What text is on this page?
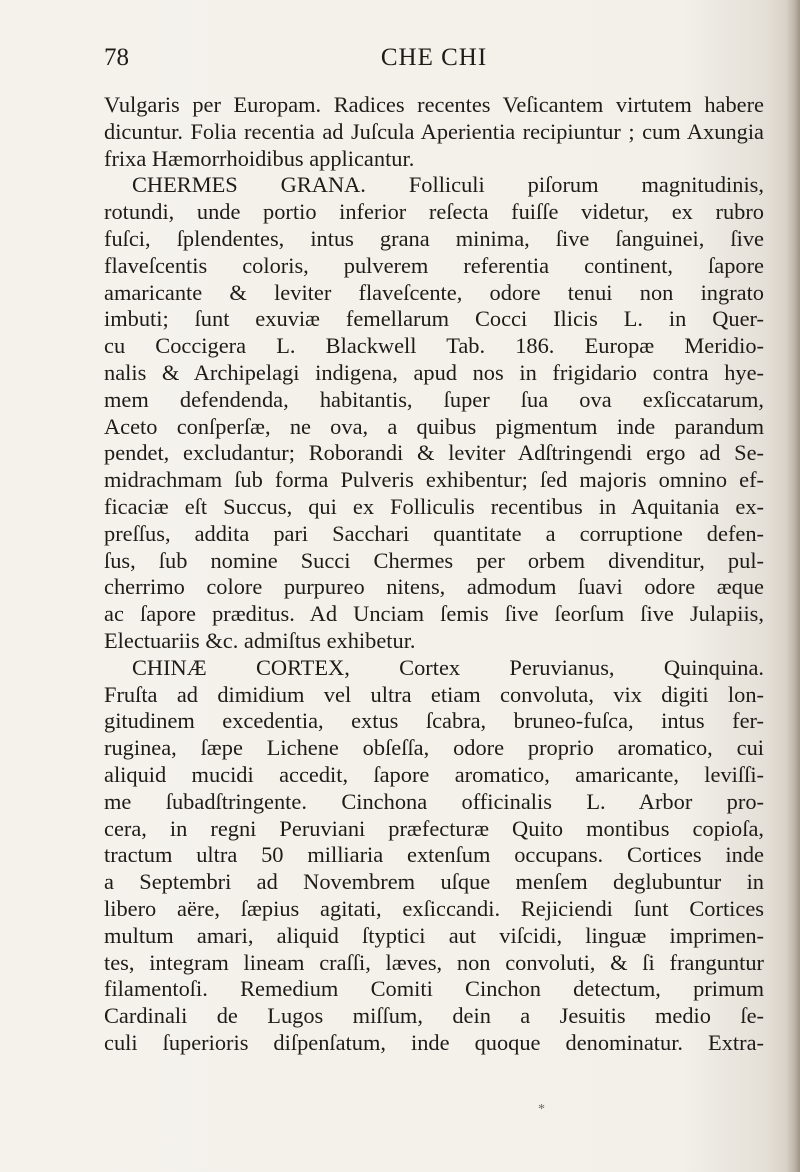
78	CHE CHI
Vulgaris per Europam. Radices recentes Veſicantem virtutem habere
dicuntur. Folia recentia ad Juſcula Aperientia recipiuntur ; cum Axungia
frixa Hæmorrhoidibus applicantur.
CHERMES GRANA. Folliculi piſorum magnitudinis,
rotundi, unde portio inferior reſecta fuiſſe videtur, ex rubro
fuſci, ſplendentes, intus grana minima, ſive ſanguinei, ſive
flaveſcentis coloris, pulverem referentia continent, ſapore
amaricante & leviter flaveſcente, odore tenui non ingrato
imbuti; ſunt exuviæ femellarum Cocci Ilicis L. in Quer-
cu Coccigera L. Blackwell Tab. 186. Europæ Meridio-
nalis & Archipelagi indigena, apud nos in frigidario contra hye-
mem defendenda, habitantis, ſuper ſua ova exſiccatarum,
Aceto conſperſæ, ne ova, a quibus pigmentum inde parandum
pendet, excludantur; Roborandi & leviter Adſtringendi ergo ad Se-
midrachmam ſub forma Pulveris exhibentur; ſed majoris omnino ef-
ficaciæ eſt Succus, qui ex Folliculis recentibus in Aquitania ex-
preſſus, addita pari Sacchari quantitate a corruptione defen-
ſus, ſub nomine Succi Chermes per orbem divenditur, pul-
cherrimo colore purpureo nitens, admodum ſuavi odore æque
ac ſapore præditus. Ad Unciam ſemis ſive ſeorſum ſive Julapiis,
Electuariis &c. admiſtus exhibetur.
CHINÆ CORTEX, Cortex Peruvianus, Quinquina.
Fruſta ad dimidium vel ultra etiam convoluta, vix digiti lon-
gitudinem excedentia, extus ſcabra, bruneo-fuſca, intus fer-
ruginea, ſæpe Lichene obſeſſa, odore proprio aromatico, cui
aliquid mucidi accedit, ſapore aromatico, amaricante, leviſſi-
me ſubadſtringente. Cinchona officinalis L. Arbor pro-
cera, in regni Peruviani præfecturæ Quito montibus copioſa,
tractum ultra 50 milliaria extenſum occupans. Cortices inde
a Septembri ad Novembrem uſque menſem deglubuntur in
libero aëre, ſæpius agitati, exſiccandi. Rejiciendi ſunt Cortices
multum amari, aliquid ſtyptici aut viſcidi, linguæ imprimen-
tes, integram lineam craſſi, læves, non convoluti, & ſi franguntur
filamentoſi. Remedium Comiti Cinchon detectum, primum
Cardinali de Lugos miſſum, dein a Jesuitis medio ſe-
culi ſuperioris diſpenſatum, inde quoque denominatur. Extra-
*
